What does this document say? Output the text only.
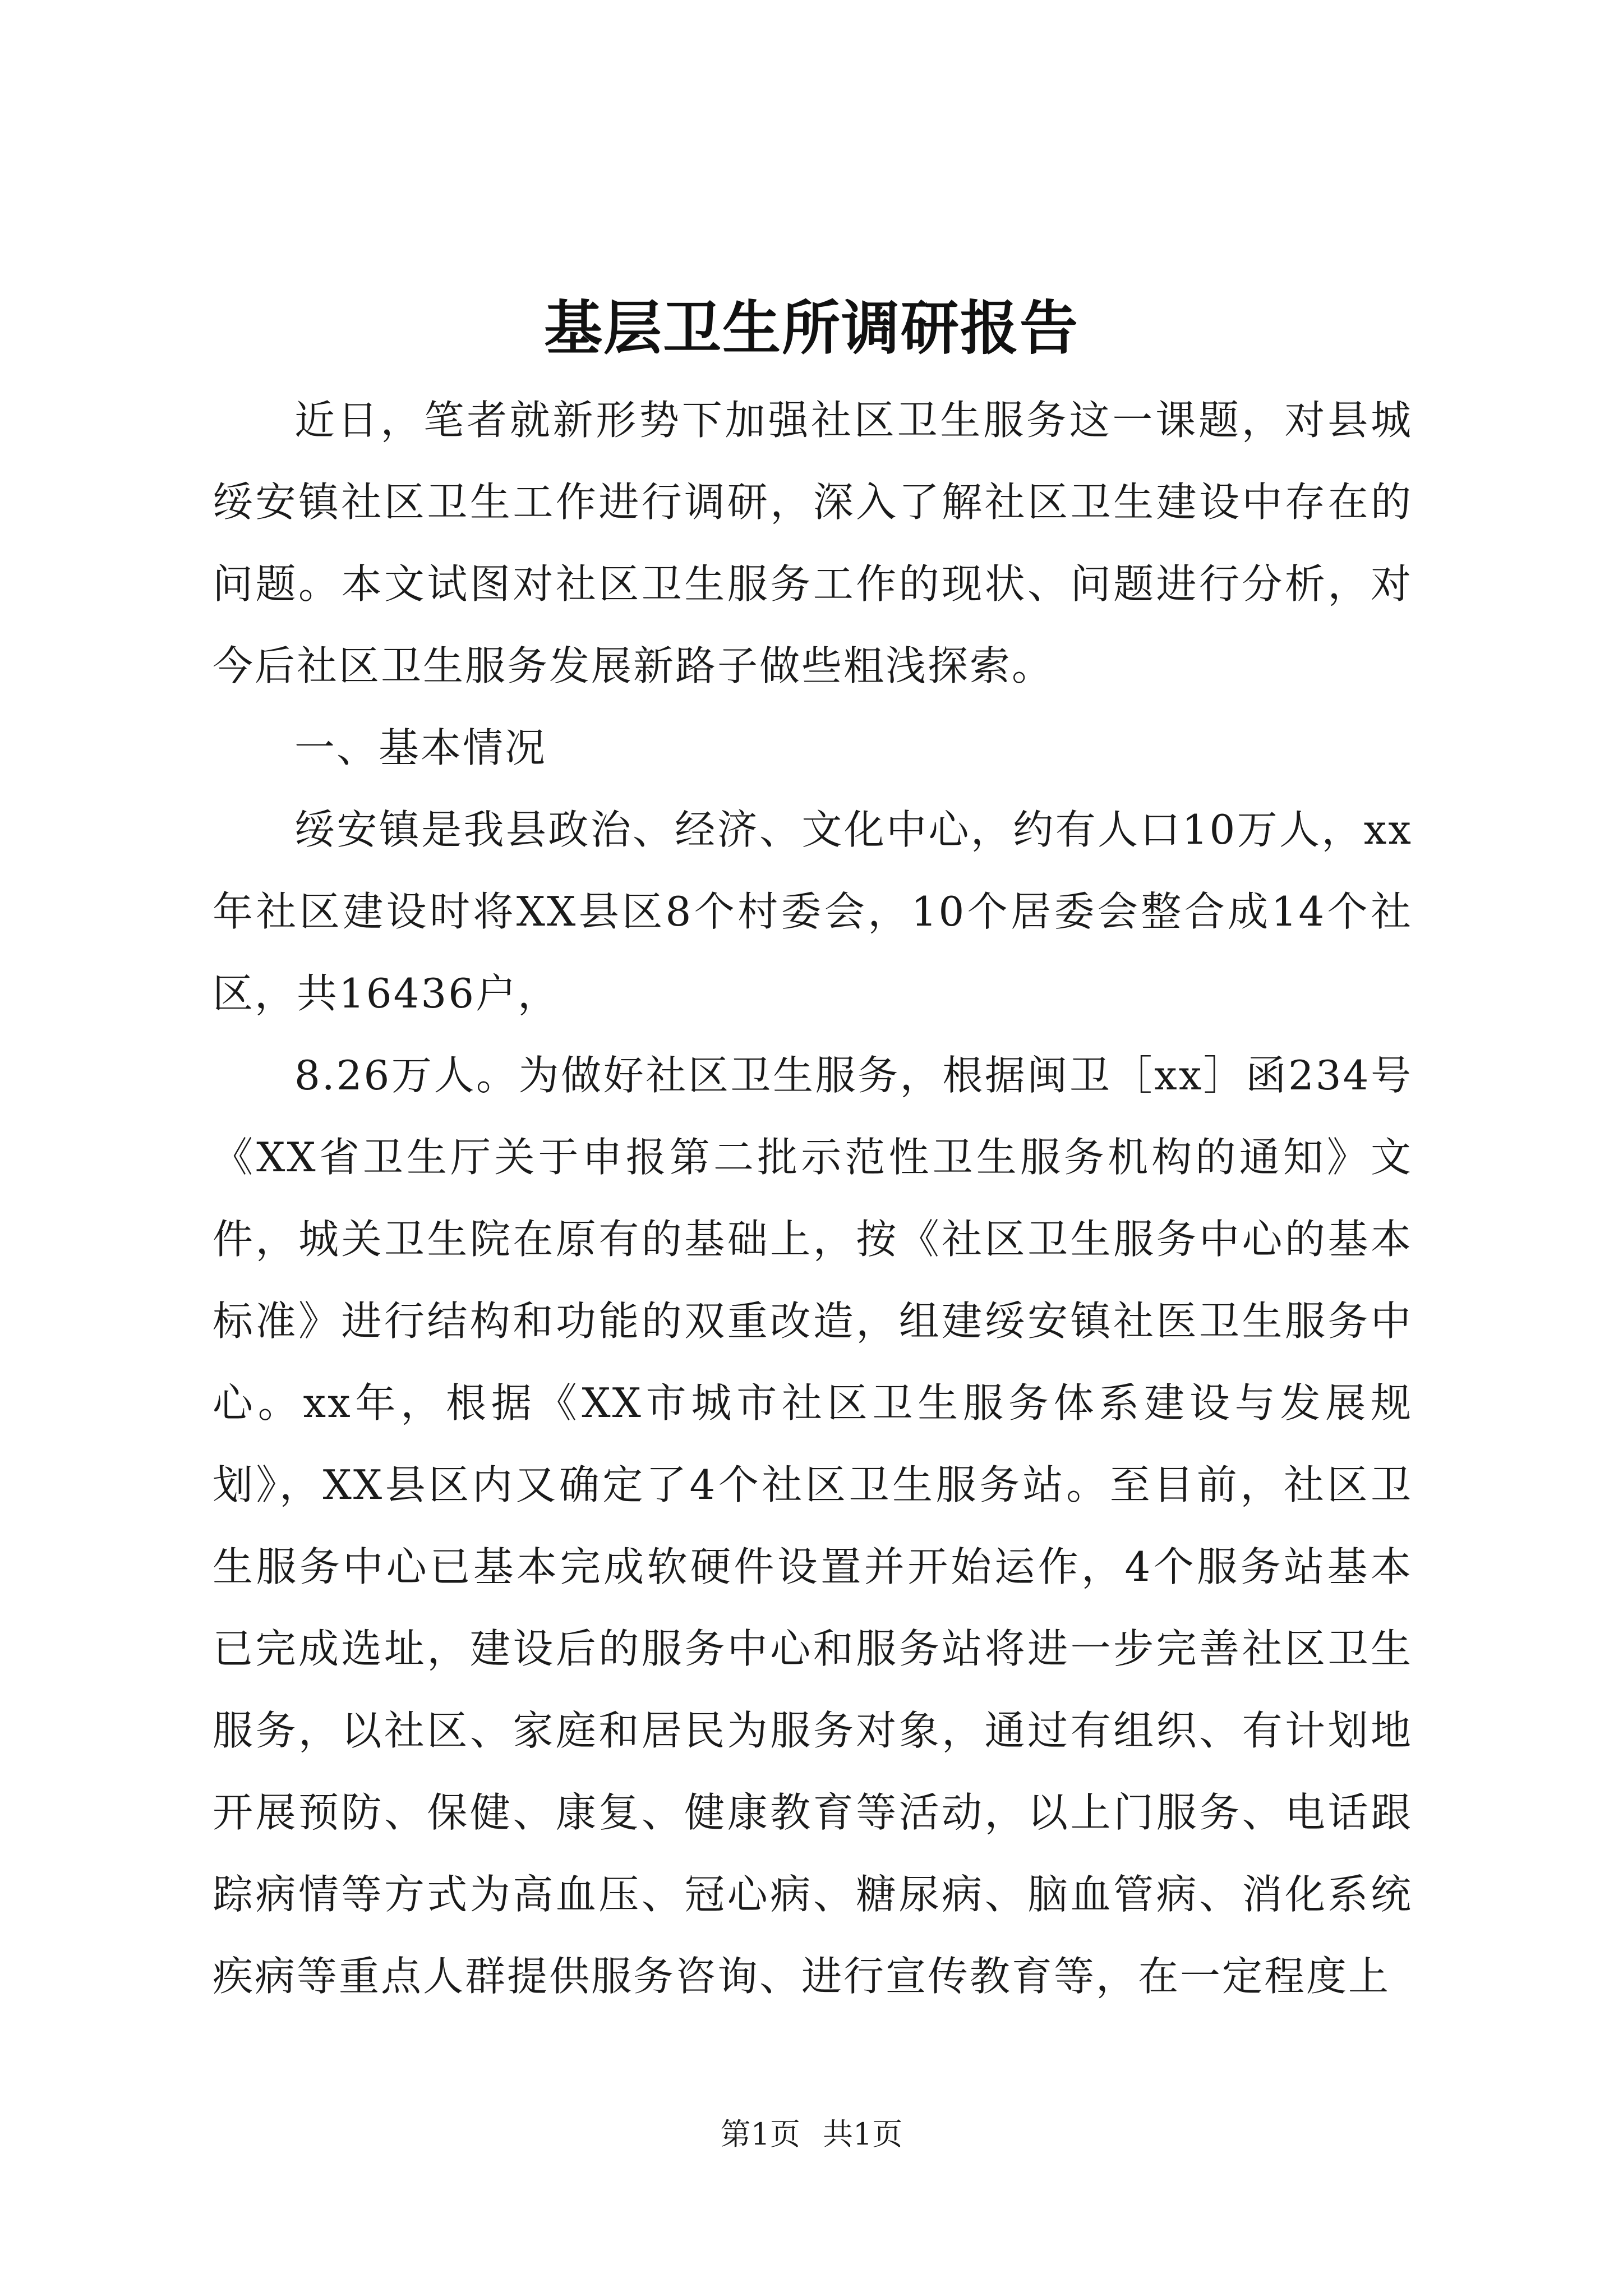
基层卫生所调研报告

近日，笔者就新形势下加强社区卫生服务这一课题，对县城绥安镇社区卫生工作进行调研，深入了解社区卫生建设中存在的问题。本文试图对社区卫生服务工作的现状、问题进行分析，对今后社区卫生服务发展新路子做些粗浅探索。

一、基本情况

绥安镇是我县政治、经济、文化中心，约有人口10万人，xx年社区建设时将XX县区8个村委会，10个居委会整合成14个社区，共16436户，

8.26万人。为做好社区卫生服务，根据闽卫［xx］函234号《XX省卫生厅关于申报第二批示范性卫生服务机构的通知》文件，城关卫生院在原有的基础上，按《社区卫生服务中心的基本标准》进行结构和功能的双重改造，组建绥安镇社医卫生服务中心。xx年，根据《XX市城市社区卫生服务体系建设与发展规划》，XX县区内又确定了4个社区卫生服务站。至目前，社区卫生服务中心已基本完成软硬件设置并开始运作，4个服务站基本已完成选址，建设后的服务中心和服务站将进一步完善社区卫生服务，以社区、家庭和居民为服务对象，通过有组织、有计划地开展预防、保健、康复、健康教育等活动，以上门服务、电话跟踪病情等方式为高血压、冠心病、糖尿病、脑血管病、消化系统疾病等重点人群提供服务咨询、进行宣传教育等，在一定程度上

第1页 共1页
